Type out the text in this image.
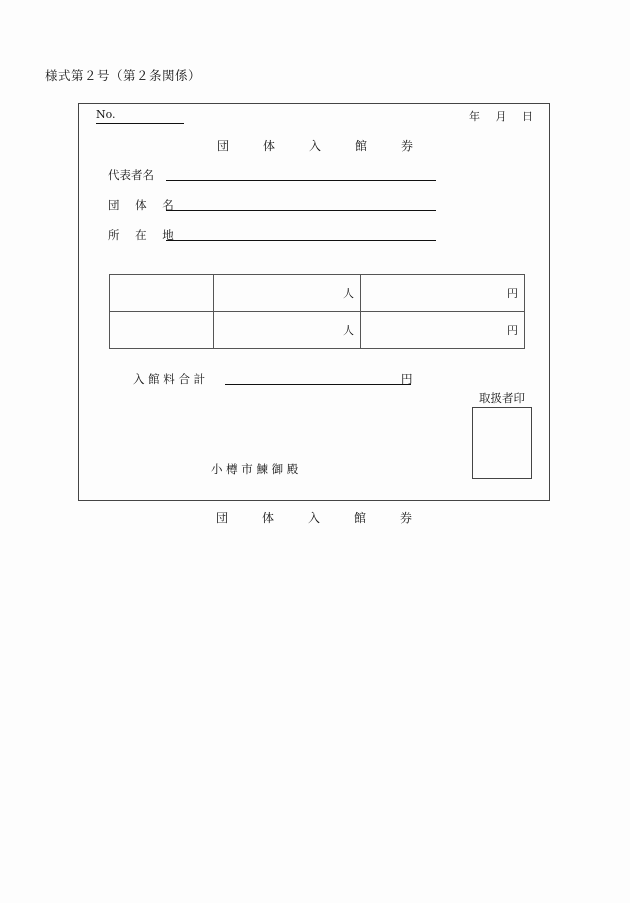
様式第２号（第２条関係）
No.	年 月 日
団	体	入	館	券
代表者名
団 体 名
所 在 地
	人	円
	人	円
入 館 料 合 計	円
取扱者印
小 樽 市 鰊 御 殿
団	体	入	館	券
